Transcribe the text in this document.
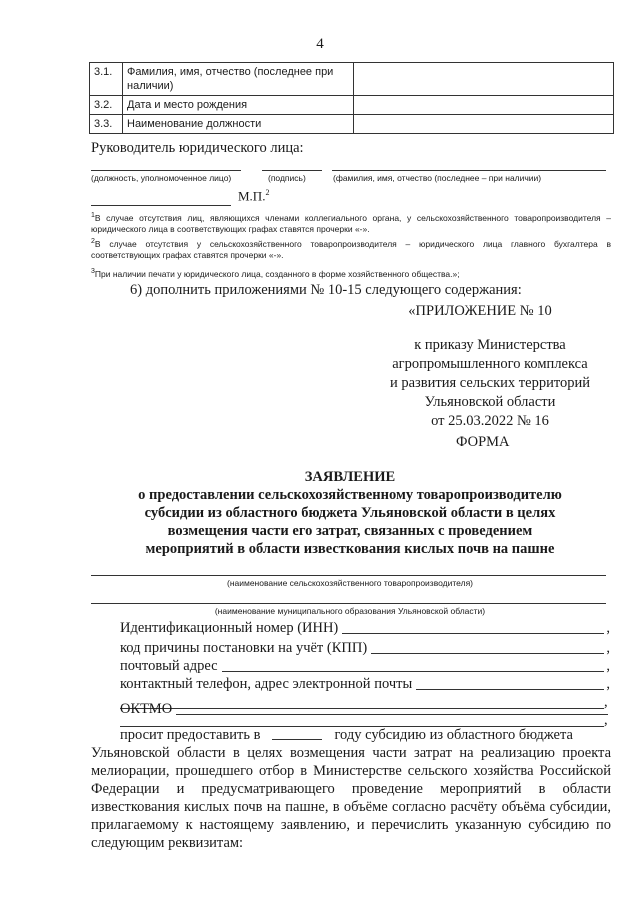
4
3.1.	Фамилия, имя, отчество (последнее при наличии)	
3.2.	Дата и место рождения	
3.3.	Наименование должности	
Руководитель юридического лица:
(должность, уполномоченное лицо)	(подпись)	(фамилия, имя, отчество (последнее – при наличии)
М.П.$^2$
$^1$В случае отсутствия лиц, являющихся членами коллегиального органа, у сельскохозяйственного товаропроизводителя – юридического лица в соответствующих графах ставятся прочерки «-».
$^2$В случае отсутствия у сельскохозяйственного товаропроизводителя – юридического лица главного бухгалтера в соответствующих графах ставятся прочерки «-».
$^3$При наличии печати у юридического лица, созданного в форме хозяйственного общества.»;
6) дополнить приложениями № 10-15 следующего содержания:
«ПРИЛОЖЕНИЕ № 10
к приказу Министерства
агропромышленного комплекса
и развития сельских территорий
Ульяновской области
от 25.03.2022 № 16
ФОРМА
ЗАЯВЛЕНИЕ
о предоставлении сельскохозяйственному товаропроизводителю
субсидии из областного бюджета Ульяновской области в целях
возмещения части его затрат, связанных с проведением
мероприятий в области известкования кислых почв на пашне
(наименование сельскохозяйственного товаропроизводителя)
(наименование муниципального образования Ульяновской области)
Идентификационный номер (ИНН)	,
код причины постановки на учёт (КПП)	,
почтовый адрес	,
контактный телефон, адрес электронной почты	,
,
ОКТМО
,
просит предоставить в	году субсидию из областного бюджета
Ульяновской области в целях возмещения части затрат на реализацию проекта мелиорации, прошедшего отбор в Министерстве сельского хозяйства Российской Федерации и предусматривающего проведение мероприятий в области известкования кислых почв на пашне, в объёме согласно расчёту объёма субсидии, прилагаемому к настоящему заявлению, и перечислить указанную субсидию по следующим реквизитам:
